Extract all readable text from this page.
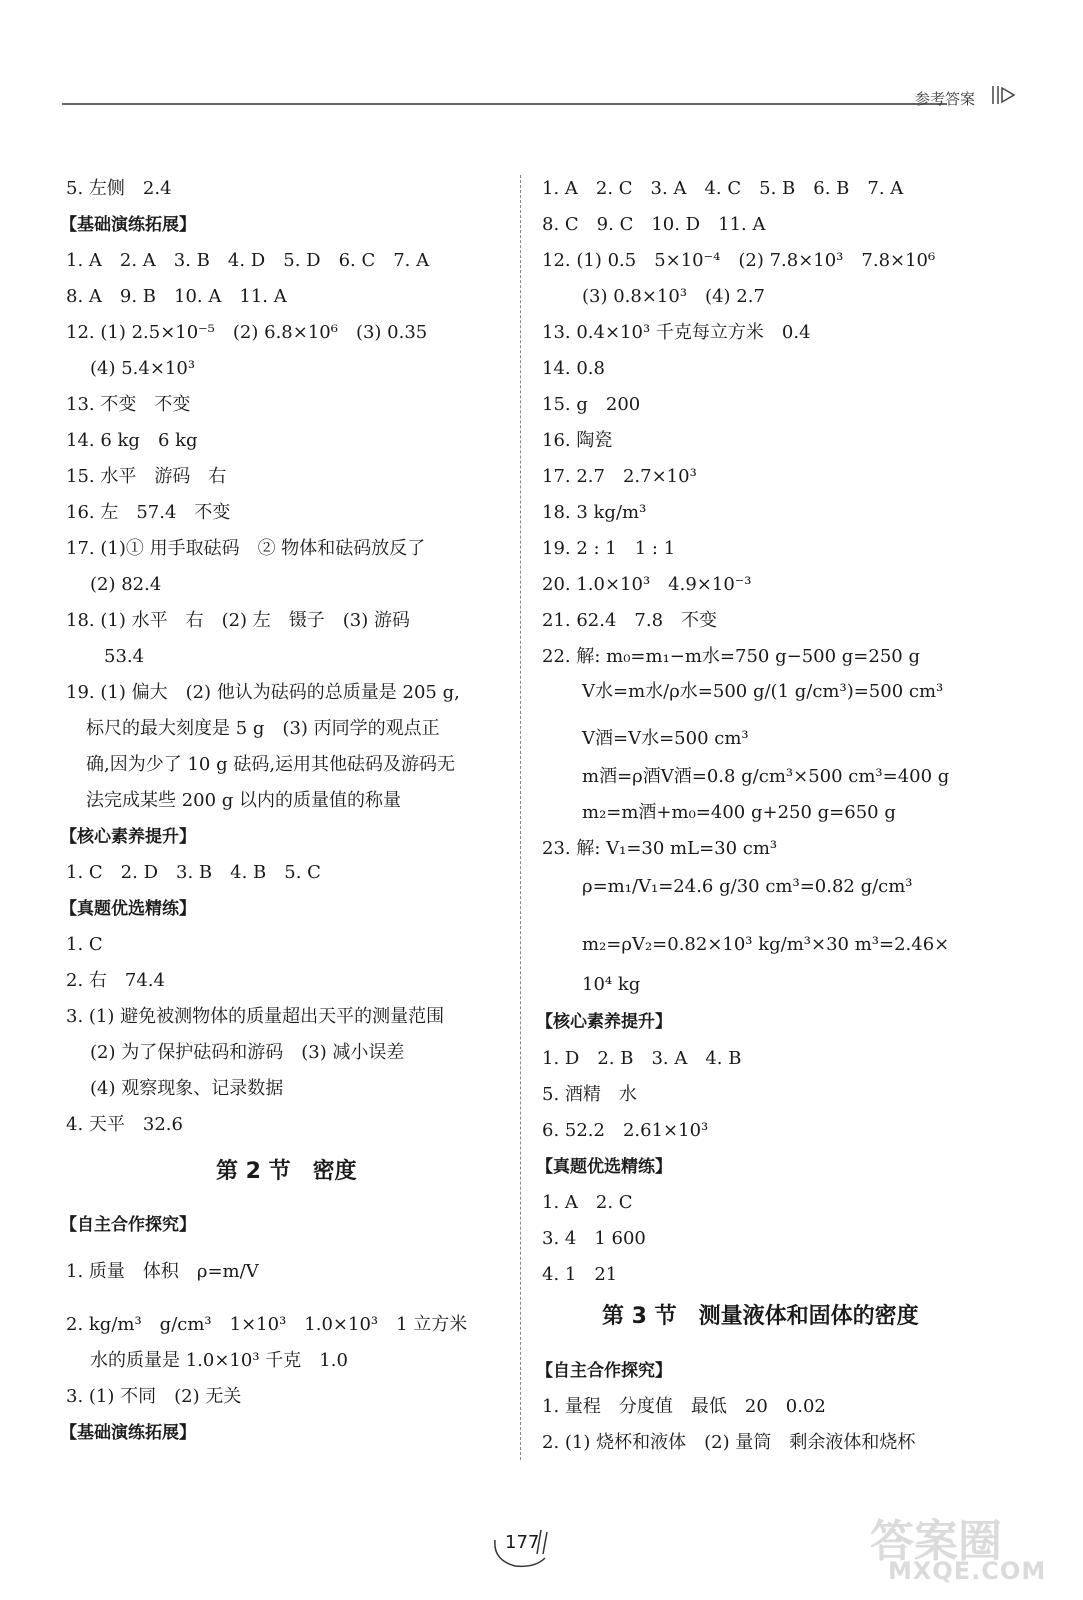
参考答案
5. 左侧　2.4
【基础演练拓展】
1. A　2. A　3. B　4. D　5. D　6. C　7. A
8. A　9. B　10. A　11. A
12. (1) 2.5×10⁻⁵　(2) 6.8×10⁶　(3) 0.35
(4) 5.4×10³
13. 不变　不变
14. 6 kg　6 kg
15. 水平　游码　右
16. 左　57.4　不变
17. (1)① 用手取砝码　② 物体和砝码放反了
(2) 82.4
18. (1) 水平　右　(2) 左　镊子　(3) 游码
53.4
19. (1) 偏大　(2) 他认为砝码的总质量是 205 g,
标尺的最大刻度是 5 g　(3) 丙同学的观点正
确,因为少了 10 g 砝码,运用其他砝码及游码无
法完成某些 200 g 以内的质量值的称量
【核心素养提升】
1. C　2. D　3. B　4. B　5. C
【真题优选精练】
1. C
2. 右　74.4
3. (1) 避免被测物体的质量超出天平的测量范围
(2) 为了保护砝码和游码　(3) 减小误差
(4) 观察现象、记录数据
4. 天平　32.6
第 2 节　密度
【自主合作探究】
1. 质量　体积　ρ=m/V
2. kg/m³　g/cm³　1×10³　1.0×10³　1 立方米
水的质量是 1.0×10³ 千克　1.0
3. (1) 不同　(2) 无关
【基础演练拓展】
1. A　2. C　3. A　4. C　5. B　6. B　7. A
8. C　9. C　10. D　11. A
12. (1) 0.5　5×10⁻⁴　(2) 7.8×10³　7.8×10⁶
(3) 0.8×10³　(4) 2.7
13. 0.4×10³ 千克每立方米　0.4
14. 0.8
15. g　200
16. 陶瓷
17. 2.7　2.7×10³
18. 3 kg/m³
19. 2 : 1　1 : 1
20. 1.0×10³　4.9×10⁻³
21. 62.4　7.8　不变
22. 解: m₀=m₁−m水=750 g−500 g=250 g
V水=m水/ρ水=500 g/(1 g/cm³)=500 cm³
V酒=V水=500 cm³
m酒=ρ酒V酒=0.8 g/cm³×500 cm³=400 g
m₂=m酒+m₀=400 g+250 g=650 g
23. 解: V₁=30 mL=30 cm³
ρ=m₁/V₁=24.6 g/30 cm³=0.82 g/cm³
m₂=ρV₂=0.82×10³ kg/m³×30 m³=2.46×
10⁴ kg
【核心素养提升】
1. D　2. B　3. A　4. B
5. 酒精　水
6. 52.2　2.61×10³
【真题优选精练】
1. A　2. C
3. 4　1 600
4. 1　21
第 3 节　测量液体和固体的密度
【自主合作探究】
1. 量程　分度值　最低　20　0.02
2. (1) 烧杯和液体　(2) 量筒　剩余液体和烧杯
177	答案圈
MXQE.COM
